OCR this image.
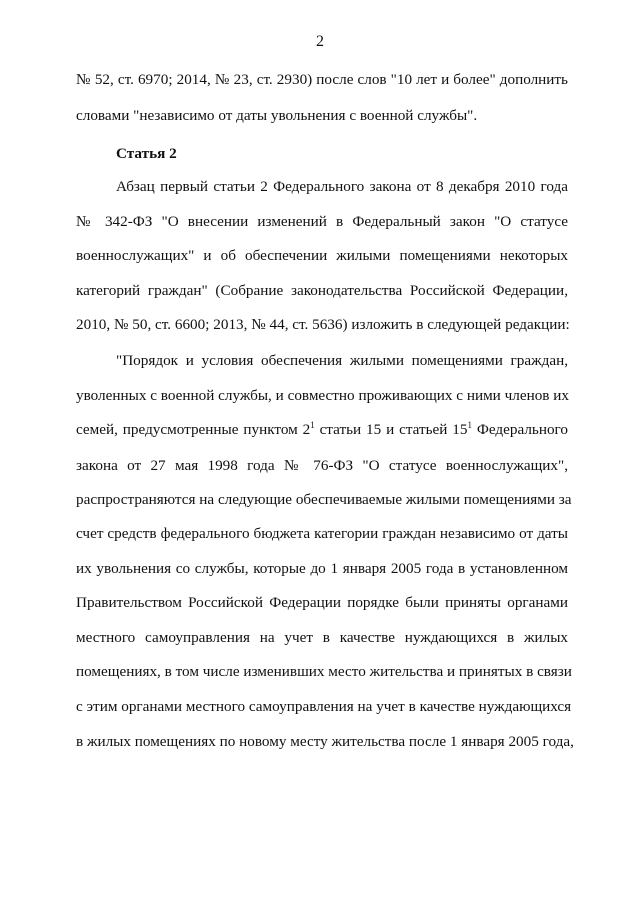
2
№ 52, ст. 6970; 2014, № 23, ст. 2930) после слов "10 лет и более" дополнить
словами "независимо от даты увольнения с военной службы".
Статья 2
Абзац первый статьи 2 Федерального закона от 8 декабря 2010 года
№ 342-ФЗ "О внесении изменений в Федеральный закон "О статусе
военнослужащих" и об обеспечении жилыми помещениями некоторых
категорий граждан" (Собрание законодательства Российской Федерации,
2010, № 50, ст. 6600; 2013, № 44, ст. 5636) изложить в следующей редакции:
"Порядок и условия обеспечения жилыми помещениями граждан,
уволенных с военной службы, и совместно проживающих с ними членов их
семей, предусмотренные пунктом $2^1$ статьи 15 и статьей $15^1$ Федерального
закона от 27 мая 1998 года № 76-ФЗ "О статусе военнослужащих",
распространяются на следующие обеспечиваемые жилыми помещениями за
счет средств федерального бюджета категории граждан независимо от даты
их увольнения со службы, которые до 1 января 2005 года в установленном
Правительством Российской Федерации порядке были приняты органами
местного самоуправления на учет в качестве нуждающихся в жилых
помещениях, в том числе изменивших место жительства и принятых в связи
с этим органами местного самоуправления на учет в качестве нуждающихся
в жилых помещениях по новому месту жительства после 1 января 2005 года,
